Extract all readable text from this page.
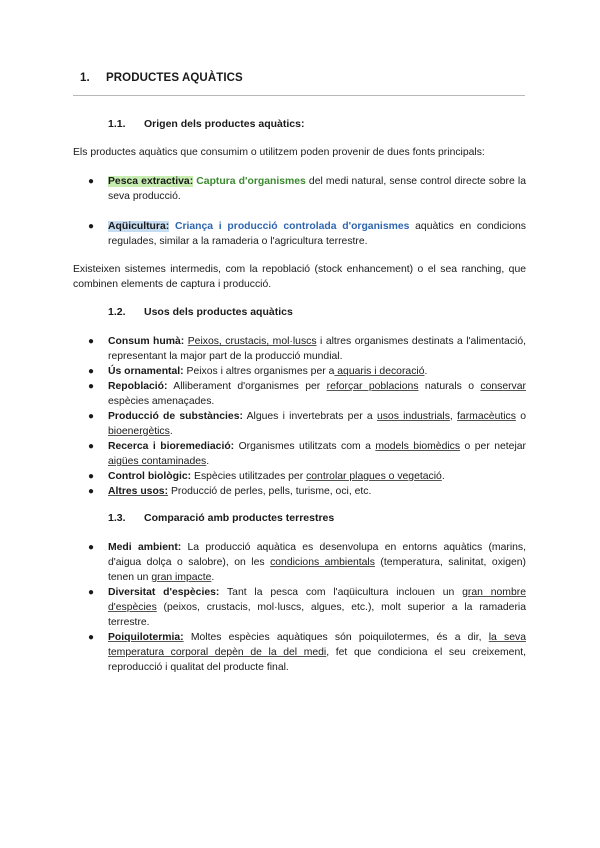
1. PRODUCTES AQUÀTICS
1.1. Origen dels productes aquàtics:
Els productes aquàtics que consumim o utilitzem poden provenir de dues fonts principals:
● Pesca extractiva: Captura d'organismes del medi natural, sense control directe sobre la seva producció.
● Aqüicultura: Criança i producció controlada d'organismes aquàtics en condicions regulades, similar a la ramaderia o l'agricultura terrestre.
Existeixen sistemes intermedis, com la repoblació (stock enhancement) o el sea ranching, que combinen elements de captura i producció.
1.2. Usos dels productes aquàtics
● Consum humà: Peixos, crustacis, mol·luscs i altres organismes destinats a l'alimentació, representant la major part de la producció mundial.
● Ús ornamental: Peixos i altres organismes per a aquaris i decoració.
● Repoblació: Alliberament d'organismes per reforçar poblacions naturals o conservar espècies amenaçades.
● Producció de substàncies: Algues i invertebrats per a usos industrials, farmacèutics o bioenergètics.
● Recerca i bioremediació: Organismes utilitzats com a models biomèdics o per netejar aigües contaminades.
● Control biològic: Espècies utilitzades per controlar plagues o vegetació.
● Altres usos: Producció de perles, pells, turisme, oci, etc.
1.3. Comparació amb productes terrestres
● Medi ambient: La producció aquàtica es desenvolupa en entorns aquàtics (marins, d'aigua dolça o salobre), on les condicions ambientals (temperatura, salinitat, oxigen) tenen un gran impacte.
● Diversitat d'espècies: Tant la pesca com l'aqüicultura inclouen un gran nombre d'espècies (peixos, crustacis, mol·luscs, algues, etc.), molt superior a la ramaderia terrestre.
● Poiquilotermia: Moltes espècies aquàtiques són poiquilotermes, és a dir, la seva temperatura corporal depèn de la del medi, fet que condiciona el seu creixement, reproducció i qualitat del producte final.
